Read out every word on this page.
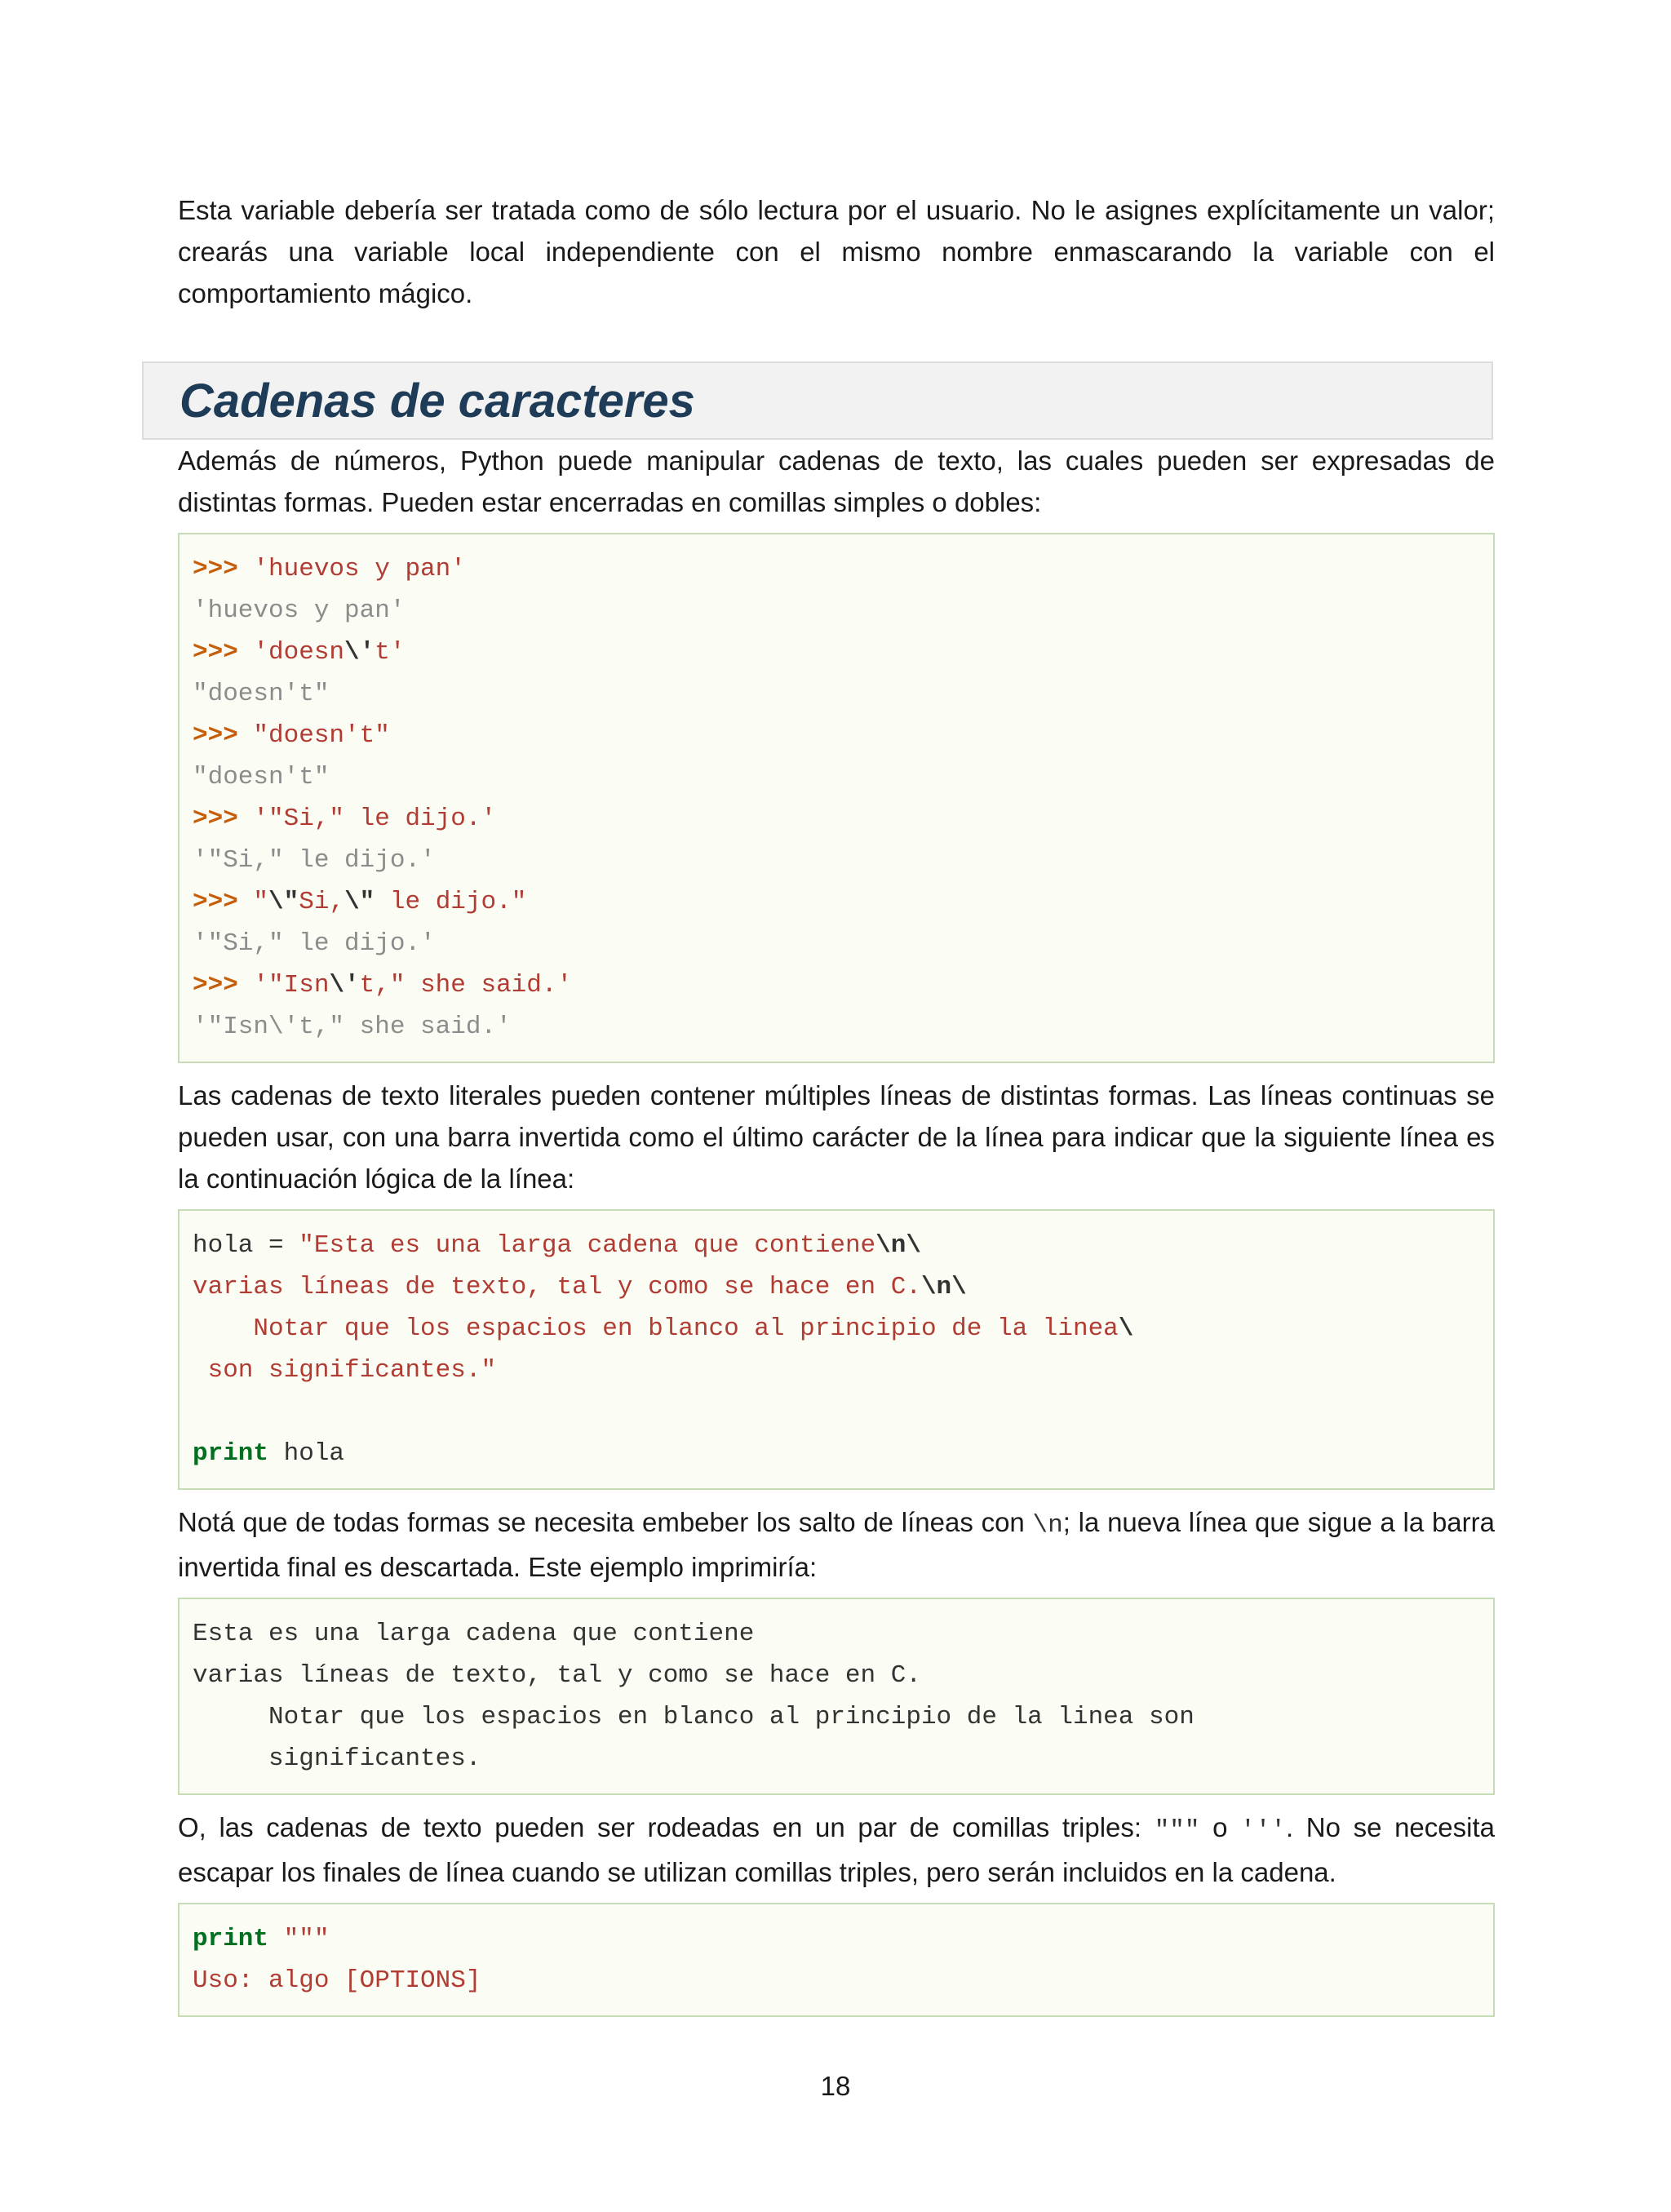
Esta variable debería ser tratada como de sólo lectura por el usuario. No le asignes explícitamente un valor; crearás una variable local independiente con el mismo nombre enmascarando la variable con el comportamiento mágico.

Cadenas de caracteres

Además de números, Python puede manipular cadenas de texto, las cuales pueden ser expresadas de distintas formas. Pueden estar encerradas en comillas simples o dobles:

>>> 'huevos y pan'
'huevos y pan'
>>> 'doesn\'t'
"doesn't"
>>> "doesn't"
"doesn't"
>>> '"Si," le dijo.'
'"Si," le dijo.'
>>> "\"Si,\" le dijo."
'"Si," le dijo.'
>>> '"Isn\'t," she said.'
'"Isn\'t," she said.'

Las cadenas de texto literales pueden contener múltiples líneas de distintas formas. Las líneas continuas se pueden usar, con una barra invertida como el último carácter de la línea para indicar que la siguiente línea es la continuación lógica de la línea:

hola = "Esta es una larga cadena que contiene\n\
varias líneas de texto, tal y como se hace en C.\n\
Notar que los espacios en blanco al principio de la linea\
son significantes."
print hola

Notá que de todas formas se necesita embeber los salto de líneas con \n; la nueva línea que sigue a la barra invertida final es descartada. Este ejemplo imprimiría:

Esta es una larga cadena que contiene
varias líneas de texto, tal y como se hace en C.
Notar que los espacios en blanco al principio de la linea son
significantes.

O, las cadenas de texto pueden ser rodeadas en un par de comillas triples: """ o '''. No se necesita escapar los finales de línea cuando se utilizan comillas triples, pero serán incluidos en la cadena.

print """
Uso: algo [OPTIONS]
18
